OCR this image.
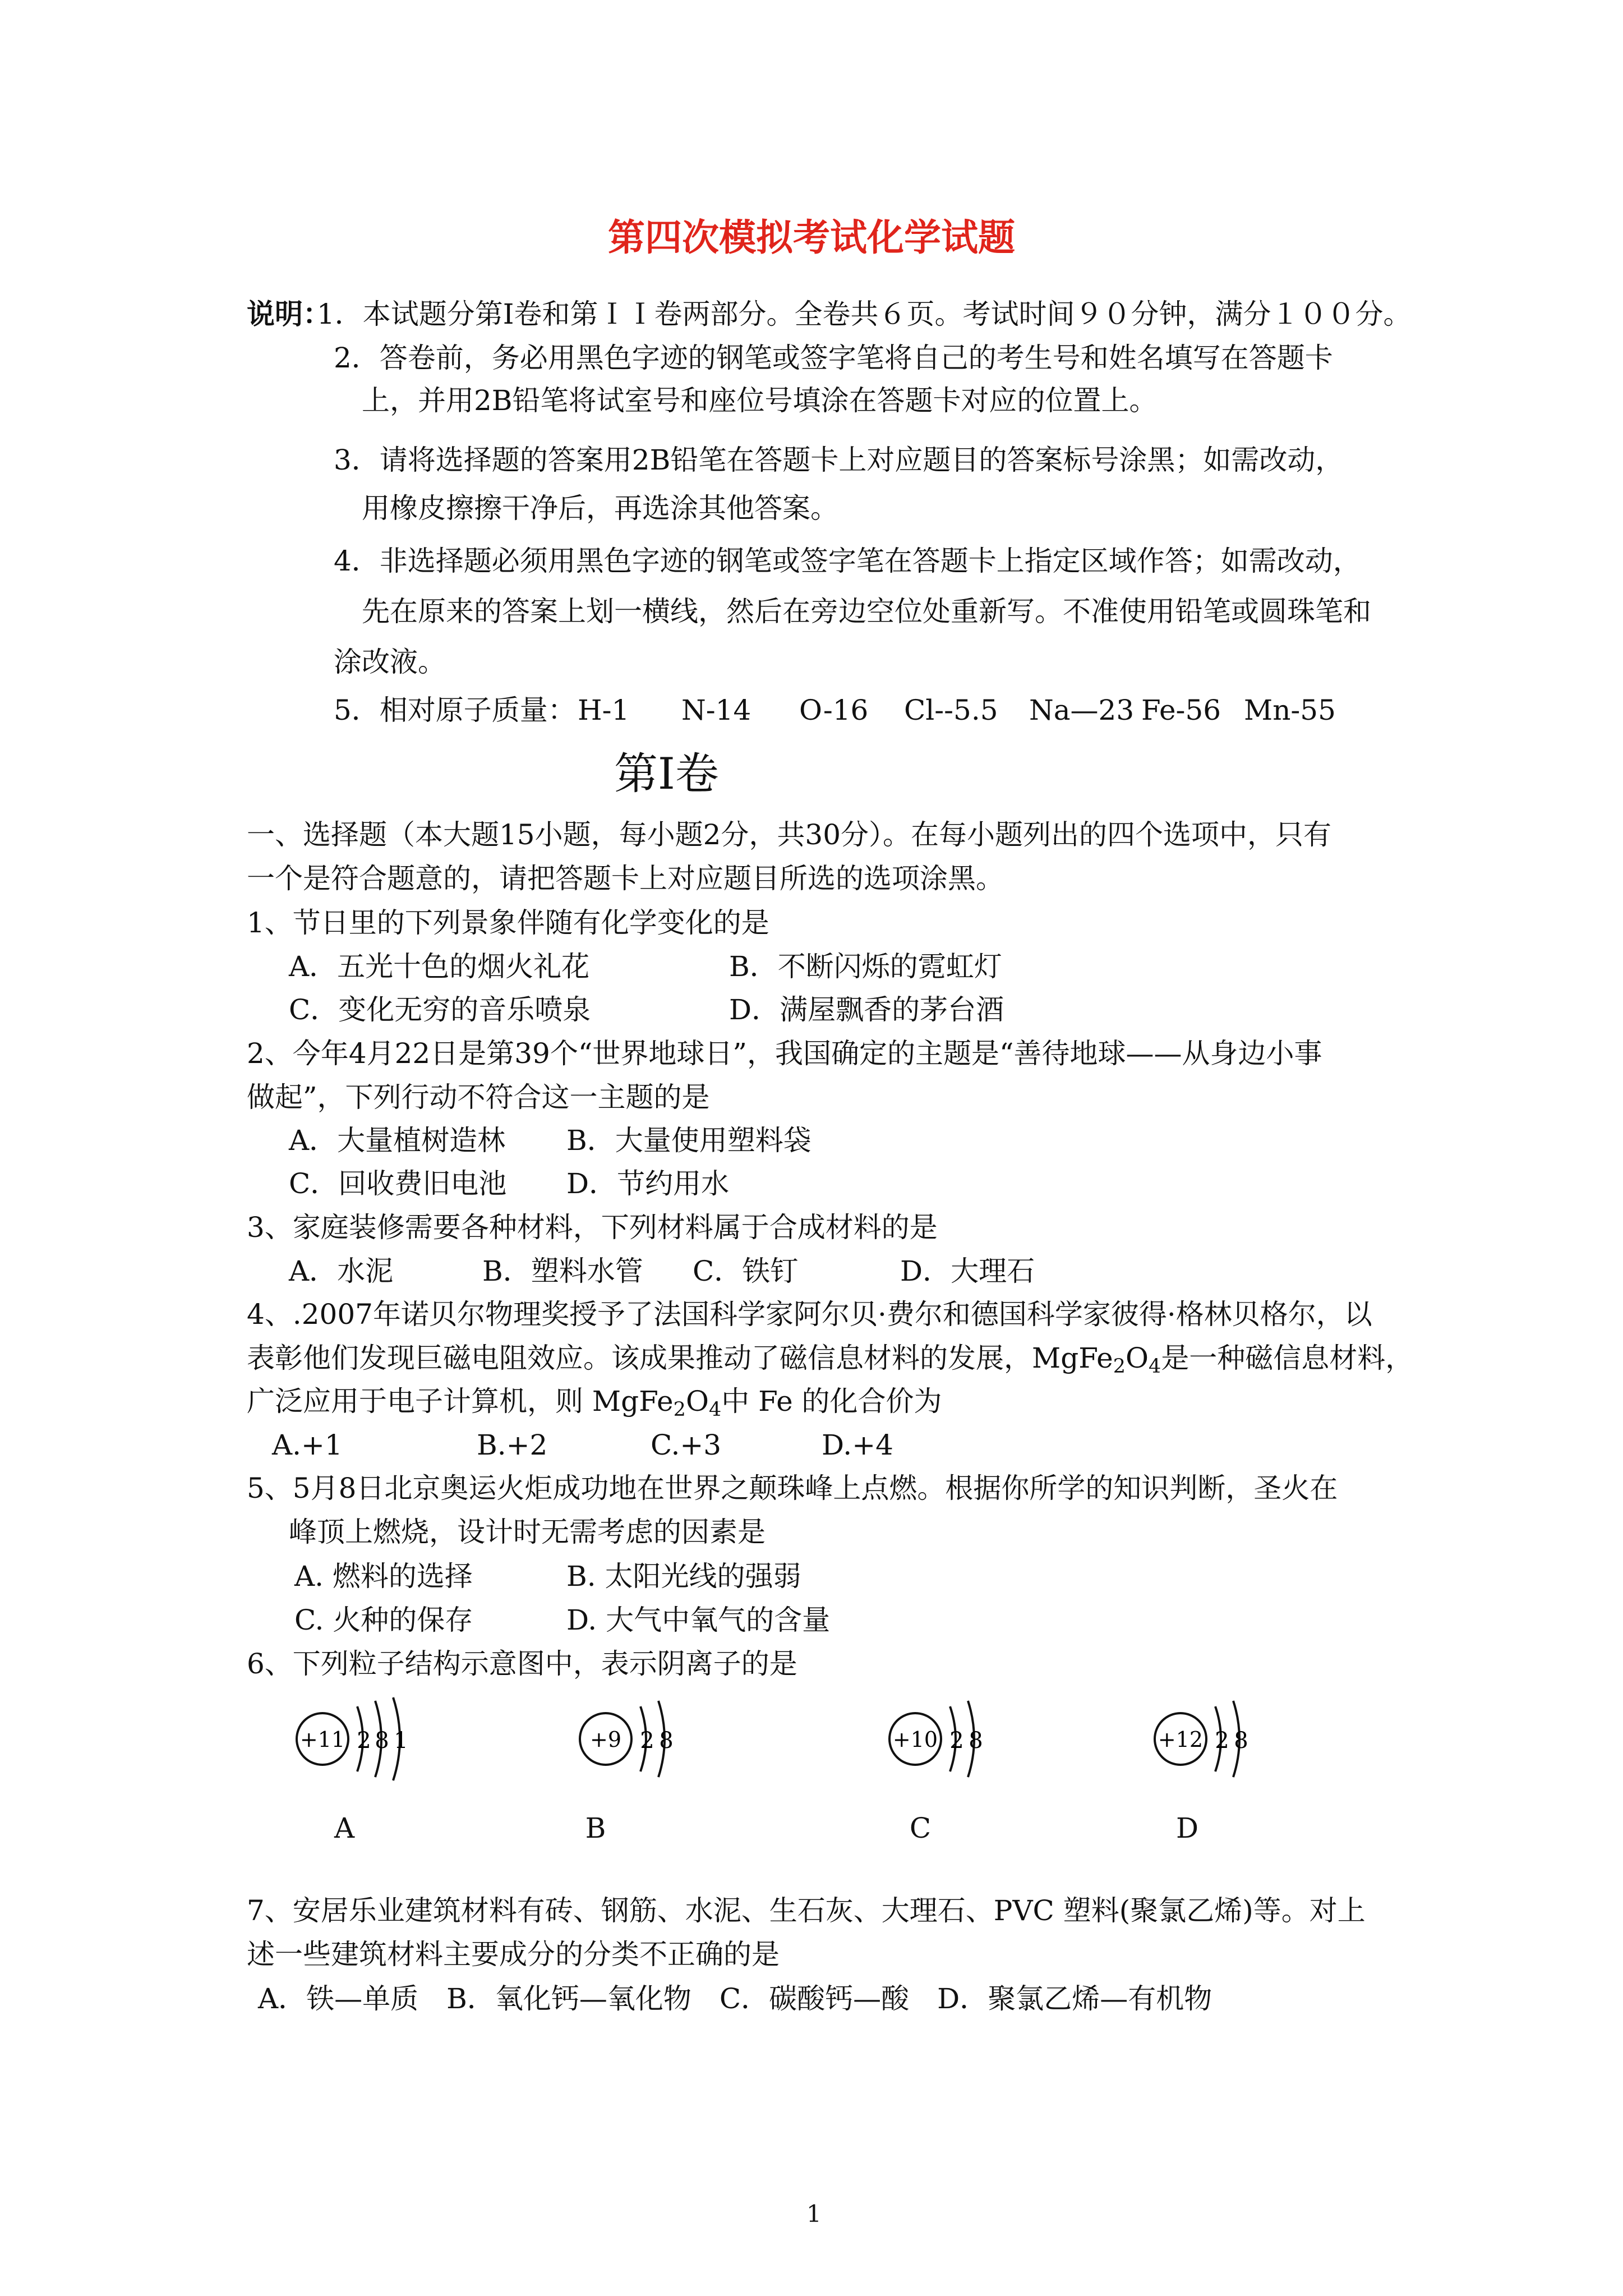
第四次模拟考试化学试题
说明：
1．本试题分第Ⅰ卷和第ＩＩ卷两部分。全卷共６页。考试时间９０分钟，满分１００分。
2．答卷前，务必用黑色字迹的钢笔或签字笔将自己的考生号和姓名填写在答题卡
上，并用2B铅笔将试室号和座位号填涂在答题卡对应的位置上。
3．请将选择题的答案用2B铅笔在答题卡上对应题目的答案标号涂黑；如需改动，
用橡皮擦擦干净后，再选涂其他答案。
4．非选择题必须用黑色字迹的钢笔或签字笔在答题卡上指定区域作答；如需改动，
先在原来的答案上划一横线，然后在旁边空位处重新写。不准使用铅笔或圆珠笔和
涂改液。
5．相对原子质量： H-1 N-14 O-16 Cl--5.5 Na—23 Fe-56 Mn-55
第Ⅰ卷
一、选择题（本大题15小题，每小题2分，共30分）。在每小题列出的四个选项中，只有
一个是符合题意的，请把答题卡上对应题目所选的选项涂黑。
1、节日里的下列景象伴随有化学变化的是
A．五光十色的烟火礼花	B．不断闪烁的霓虹灯
C．变化无穷的音乐喷泉	D．满屋飘香的茅台酒
2、今年4月22日是第39个“世界地球日”，我国确定的主题是“善待地球——从身边小事
做起”，下列行动不符合这一主题的是
A．大量植树造林 B．大量使用塑料袋
C．回收费旧电池 D．节约用水
3、家庭装修需要各种材料，下列材料属于合成材料的是
A．水泥	B．塑料水管 C．铁钉	D．大理石
4、.2007年诺贝尔物理奖授予了法国科学家阿尔贝·费尔和德国科学家彼得·格林贝格尔，以
表彰他们发现巨磁电阻效应。该成果推动了磁信息材料的发展，$MgFe_2O_4$是一种磁信息材料，
广泛应用于电子计算机，则 $MgFe_2O_4$中 Fe 的化合价为
A.+1	B.+2	C.+3	D.+4
5、5月8日北京奥运火炬成功地在世界之颠珠峰上点燃。根据你所学的知识判断，圣火在
峰顶上燃烧，设计时无需考虑的因素是
A. 燃料的选择	B. 太阳光线的强弱
C. 火种的保存	D. 大气中氧气的含量
6、下列粒子结构示意图中，表示阴离子的是
+11 2 8 1	+9 2 8	+10 2 8	+12 2 8
A	B	C	D
7、安居乐业建筑材料有砖、钢筋、水泥、生石灰、大理石、PVC 塑料(聚氯乙烯)等。对上
述一些建筑材料主要成分的分类不正确的是
A．铁—单质　B．氧化钙—氧化物　C．碳酸钙—酸　D．聚氯乙烯—有机物
1
